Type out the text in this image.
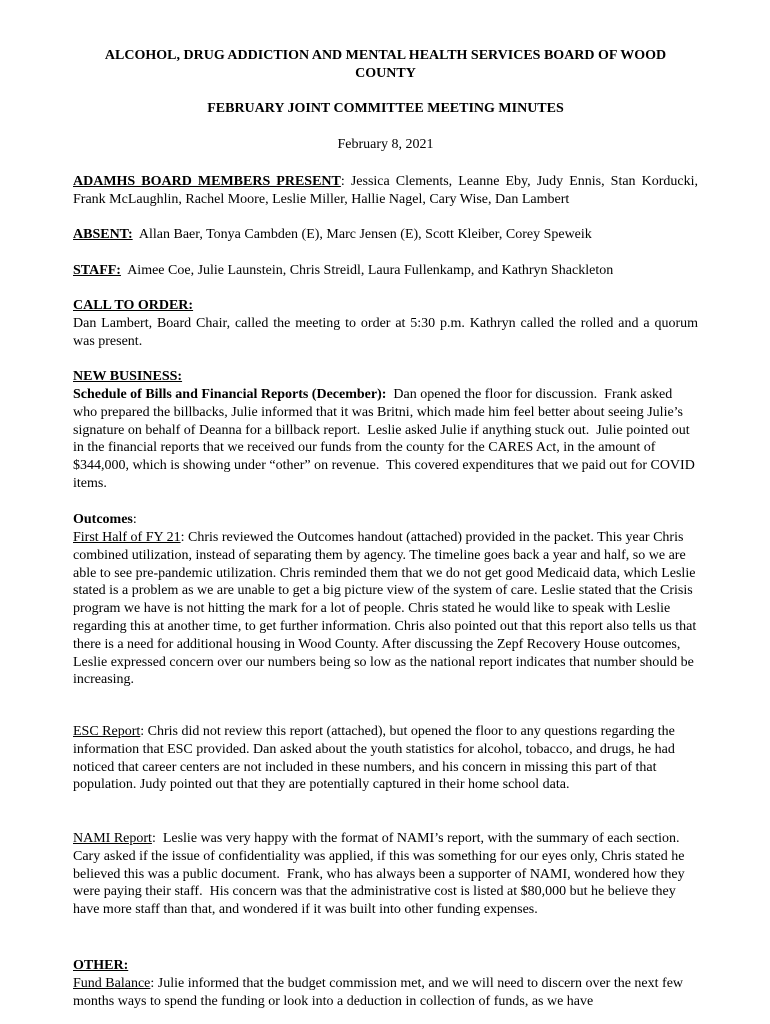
ALCOHOL, DRUG ADDICTION AND MENTAL HEALTH SERVICES BOARD OF WOOD COUNTY

FEBRUARY JOINT COMMITTEE MEETING MINUTES

February 8, 2021

ADAMHS BOARD MEMBERS PRESENT: Jessica Clements, Leanne Eby, Judy Ennis, Stan Korducki, Frank McLaughlin, Rachel Moore, Leslie Miller, Hallie Nagel, Cary Wise, Dan Lambert

ABSENT:  Allan Baer, Tonya Cambden (E), Marc Jensen (E), Scott Kleiber, Corey Speweik

STAFF:  Aimee Coe, Julie Launstein, Chris Streidl, Laura Fullenkamp, and Kathryn Shackleton

CALL TO ORDER:

Dan Lambert, Board Chair, called the meeting to order at 5:30 p.m. Kathryn called the rolled and a quorum was present.

NEW BUSINESS:

Schedule of Bills and Financial Reports (December):  Dan opened the floor for discussion.  Frank asked who prepared the billbacks, Julie informed that it was Britni, which made him feel better about seeing Julie’s signature on behalf of Deanna for a billback report.  Leslie asked Julie if anything stuck out.  Julie pointed out in the financial reports that we received our funds from the county for the CARES Act, in the amount of $344,000, which is showing under “other” on revenue.  This covered expenditures that we paid out for COVID items.

Outcomes:

First Half of FY 21: Chris reviewed the Outcomes handout (attached) provided in the packet. This year Chris combined utilization, instead of separating them by agency. The timeline goes back a year and half, so we are able to see pre-pandemic utilization. Chris reminded them that we do not get good Medicaid data, which Leslie stated is a problem as we are unable to get a big picture view of the system of care. Leslie stated that the Crisis program we have is not hitting the mark for a lot of people. Chris stated he would like to speak with Leslie regarding this at another time, to get further information. Chris also pointed out that this report also tells us that there is a need for additional housing in Wood County. After discussing the Zepf Recovery House outcomes, Leslie expressed concern over our numbers being so low as the national report indicates that number should be increasing.

ESC Report: Chris did not review this report (attached), but opened the floor to any questions regarding the information that ESC provided. Dan asked about the youth statistics for alcohol, tobacco, and drugs, he had noticed that career centers are not included in these numbers, and his concern in missing this part of that population. Judy pointed out that they are potentially captured in their home school data.

NAMI Report:  Leslie was very happy with the format of NAMI’s report, with the summary of each section.  Cary asked if the issue of confidentiality was applied, if this was something for our eyes only, Chris stated he believed this was a public document.  Frank, who has always been a supporter of NAMI, wondered how they were paying their staff.  His concern was that the administrative cost is listed at $80,000 but he believe they have more staff than that, and wondered if it was built into other funding expenses.

OTHER:

Fund Balance: Julie informed that the budget commission met, and we will need to discern over the next few months ways to spend the funding or look into a deduction in collection of funds, as we have
